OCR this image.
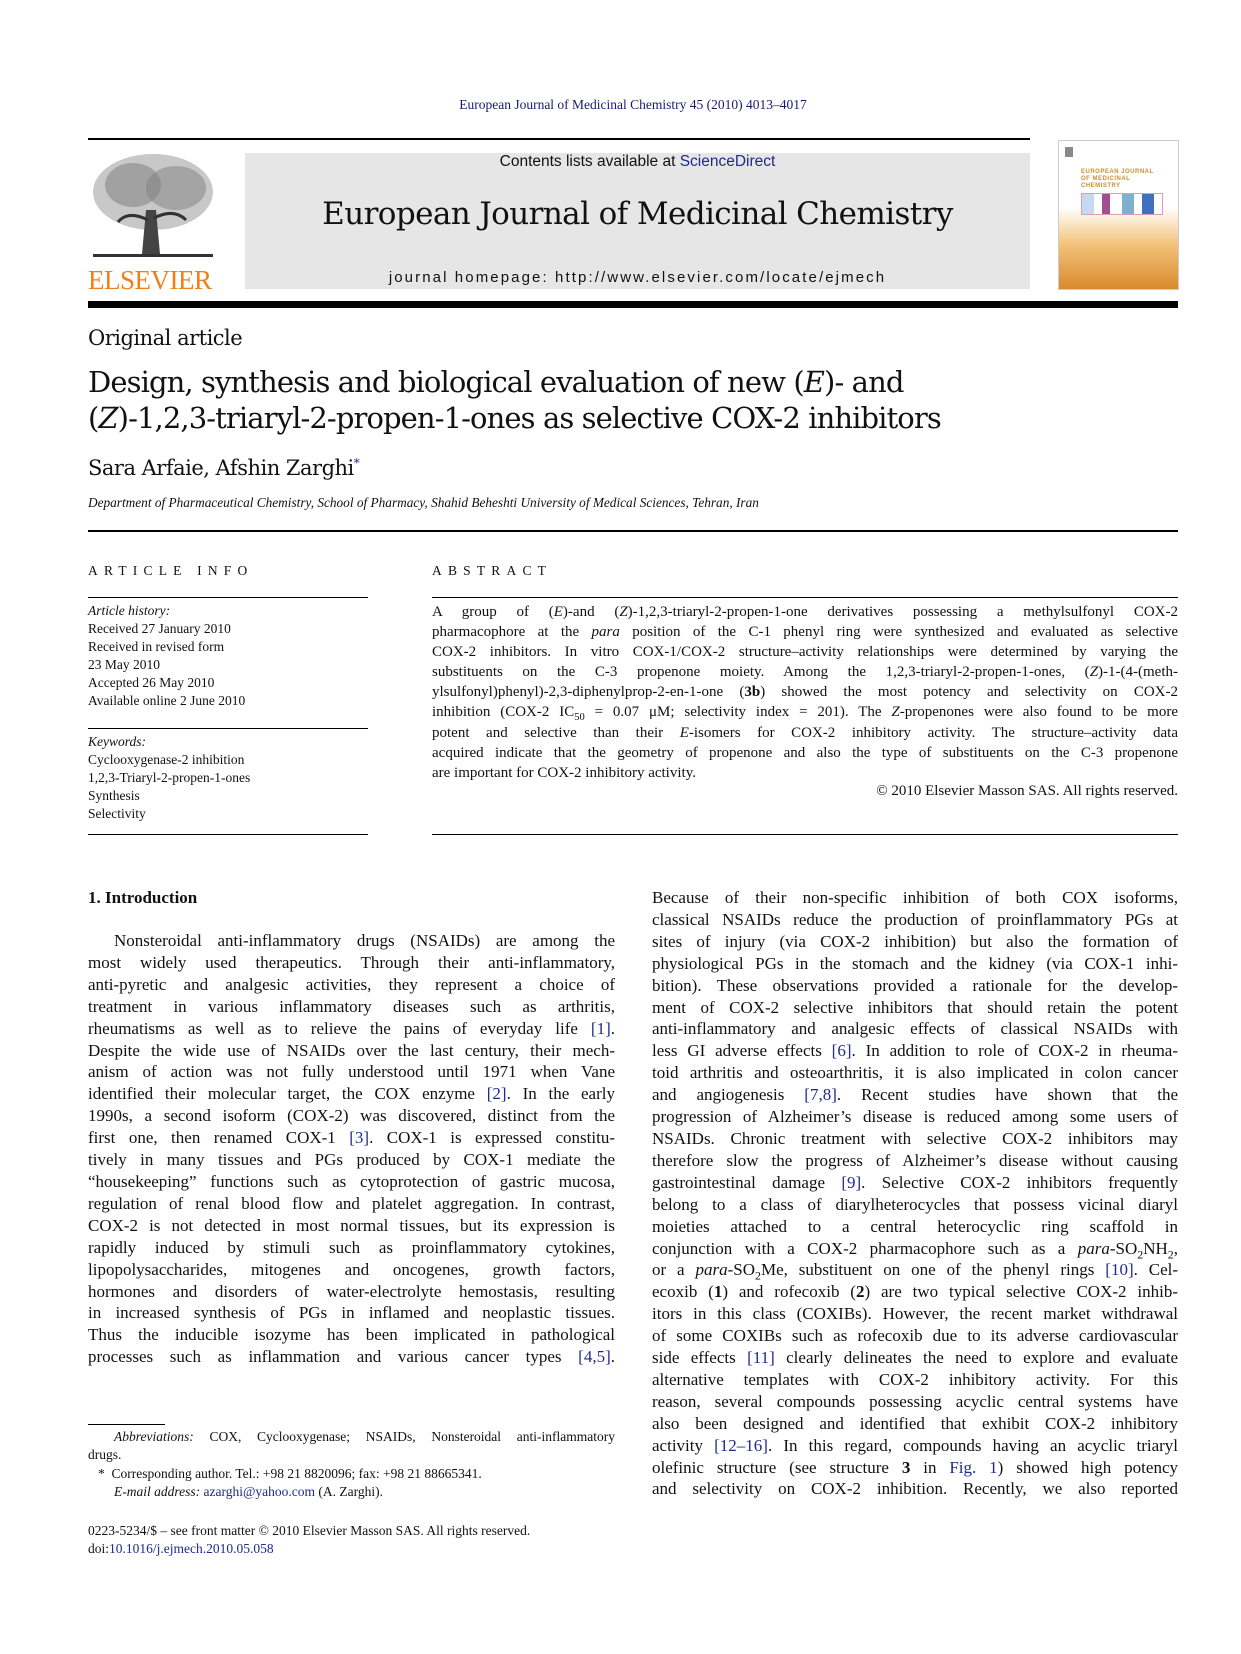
European Journal of Medicinal Chemistry 45 (2010) 4013–4017
ELSEVIER
Contents lists available at ScienceDirect
European Journal of Medicinal Chemistry
journal homepage: http://www.elsevier.com/locate/ejmech
EUROPEAN JOURNAL OF MEDICINAL CHEMISTRY
Original article
Design, synthesis and biological evaluation of new (E)- and
(Z)-1,2,3-triaryl-2-propen-1-ones as selective COX-2 inhibitors
Sara Arfaie, Afshin Zarghi*
Department of Pharmaceutical Chemistry, School of Pharmacy, Shahid Beheshti University of Medical Sciences, Tehran, Iran
ARTICLE INFO
Article history:
Received 27 January 2010
Received in revised form
23 May 2010
Accepted 26 May 2010
Available online 2 June 2010
Keywords:
Cyclooxygenase-2 inhibition
1,2,3-Triaryl-2-propen-1-ones
Synthesis
Selectivity
ABSTRACT
A group of (E)-and (Z)-1,2,3-triaryl-2-propen-1-one derivatives possessing a methylsulfonyl COX-2
pharmacophore at the para position of the C-1 phenyl ring were synthesized and evaluated as selective
COX-2 inhibitors. In vitro COX-1/COX-2 structure–activity relationships were determined by varying the
substituents on the C-3 propenone moiety. Among the 1,2,3-triaryl-2-propen-1-ones, (Z)-1-(4-(meth-
ylsulfonyl)phenyl)-2,3-diphenylprop-2-en-1-one (3b) showed the most potency and selectivity on COX-2
inhibition (COX-2 $IC_{50} = 0.07$ μM; selectivity index = 201). The Z-propenones were also found to be more
potent and selective than their E-isomers for COX-2 inhibitory activity. The structure–activity data
acquired indicate that the geometry of propenone and also the type of substituents on the C-3 propenone
are important for COX-2 inhibitory activity.
© 2010 Elsevier Masson SAS. All rights reserved.
1. Introduction
Nonsteroidal anti-inflammatory drugs (NSAIDs) are among the
most widely used therapeutics. Through their anti-inflammatory,
anti-pyretic and analgesic activities, they represent a choice of
treatment in various inflammatory diseases such as arthritis,
rheumatisms as well as to relieve the pains of everyday life [1].
Despite the wide use of NSAIDs over the last century, their mech-
anism of action was not fully understood until 1971 when Vane
identified their molecular target, the COX enzyme [2]. In the early
1990s, a second isoform (COX-2) was discovered, distinct from the
first one, then renamed COX-1 [3]. COX-1 is expressed constitu-
tively in many tissues and PGs produced by COX-1 mediate the
“housekeeping” functions such as cytoprotection of gastric mucosa,
regulation of renal blood flow and platelet aggregation. In contrast,
COX-2 is not detected in most normal tissues, but its expression is
rapidly induced by stimuli such as proinflammatory cytokines,
lipopolysaccharides, mitogenes and oncogenes, growth factors,
hormones and disorders of water-electrolyte hemostasis, resulting
in increased synthesis of PGs in inflamed and neoplastic tissues.
Thus the inducible isozyme has been implicated in pathological
processes such as inflammation and various cancer types [4,5].
Because of their non-specific inhibition of both COX isoforms,
classical NSAIDs reduce the production of proinflammatory PGs at
sites of injury (via COX-2 inhibition) but also the formation of
physiological PGs in the stomach and the kidney (via COX-1 inhi-
bition). These observations provided a rationale for the develop-
ment of COX-2 selective inhibitors that should retain the potent
anti-inflammatory and analgesic effects of classical NSAIDs with
less GI adverse effects [6]. In addition to role of COX-2 in rheuma-
toid arthritis and osteoarthritis, it is also implicated in colon cancer
and angiogenesis [7,8]. Recent studies have shown that the
progression of Alzheimer’s disease is reduced among some users of
NSAIDs. Chronic treatment with selective COX-2 inhibitors may
therefore slow the progress of Alzheimer’s disease without causing
gastrointestinal damage [9]. Selective COX-2 inhibitors frequently
belong to a class of diarylheterocycles that possess vicinal diaryl
moieties attached to a central heterocyclic ring scaffold in
conjunction with a COX-2 pharmacophore such as a para-$SO_2NH_2$,
or a para-$SO_2Me$, substituent on one of the phenyl rings [10]. Cel-
ecoxib (1) and rofecoxib (2) are two typical selective COX-2 inhib-
itors in this class (COXIBs). However, the recent market withdrawal
of some COXIBs such as rofecoxib due to its adverse cardiovascular
side effects [11] clearly delineates the need to explore and evaluate
alternative templates with COX-2 inhibitory activity. For this
reason, several compounds possessing acyclic central systems have
also been designed and identified that exhibit COX-2 inhibitory
activity [12–16]. In this regard, compounds having an acyclic triaryl
olefinic structure (see structure 3 in Fig. 1) showed high potency
and selectivity on COX-2 inhibition. Recently, we also reported
Abbreviations: COX, Cyclooxygenase; NSAIDs, Nonsteroidal anti-inflammatory
drugs.
* Corresponding author. Tel.: +98 21 8820096; fax: +98 21 88665341.
E-mail address: azarghi@yahoo.com (A. Zarghi).
0223-5234/$ – see front matter © 2010 Elsevier Masson SAS. All rights reserved.
doi:10.1016/j.ejmech.2010.05.058
